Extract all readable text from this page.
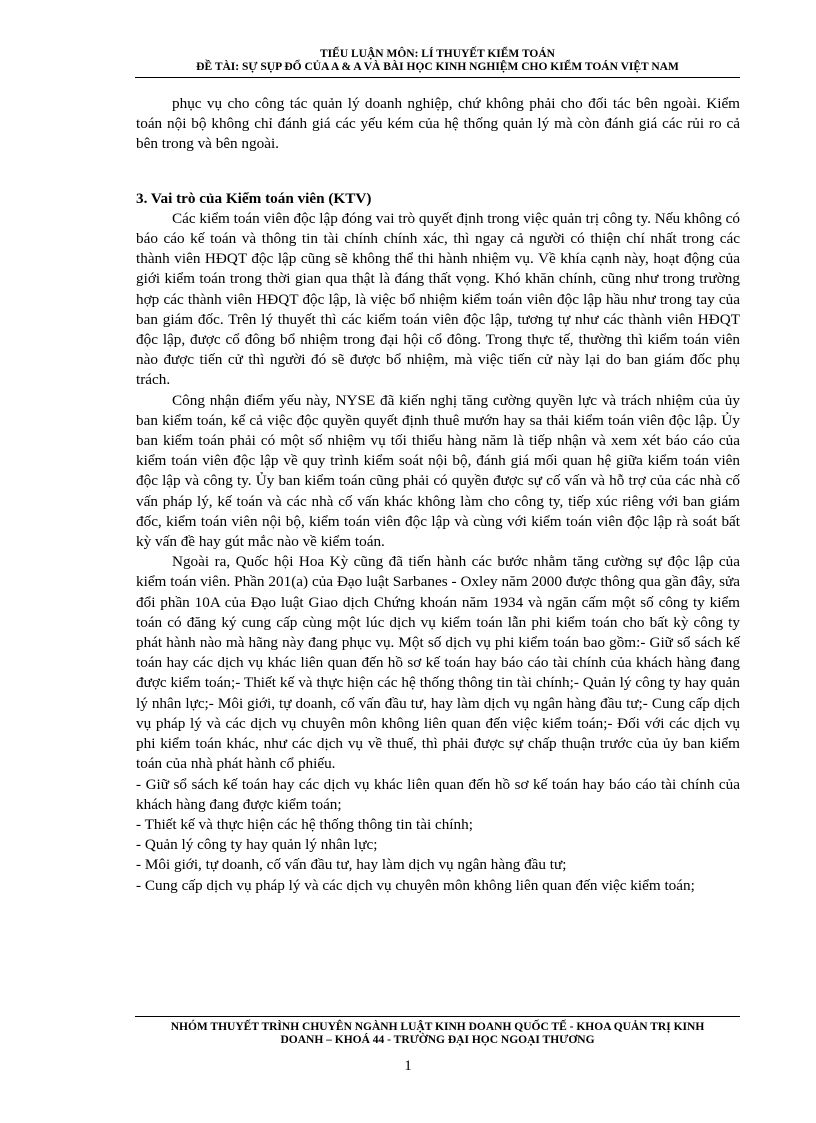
TIỂU LUẬN MÔN: LÍ THUYẾT KIỂM TOÁN
ĐỀ TÀI: SỰ SỤP ĐỔ CỦA A & A VÀ BÀI HỌC KINH NGHIỆM CHO KIỂM TOÁN VIỆT NAM

phục vụ cho công tác quản lý doanh nghiệp, chứ không phải cho đối tác bên ngoài. Kiểm toán nội bộ không chỉ đánh giá các yếu kém của hệ thống quản lý mà còn đánh giá các rủi ro cả bên trong và bên ngoài.

3. Vai trò của Kiểm toán viên (KTV)

Các kiểm toán viên độc lập đóng vai trò quyết định trong việc quản trị công ty. Nếu không có báo cáo kế toán và thông tin tài chính chính xác, thì ngay cả người có thiện chí nhất trong các thành viên HĐQT độc lập cũng sẽ không thể thi hành nhiệm vụ. Về khía cạnh này, hoạt động của giới kiểm toán trong thời gian qua thật là đáng thất vọng. Khó khăn chính, cũng như trong trường hợp các thành viên HĐQT độc lập, là việc bổ nhiệm kiểm toán viên độc lập hầu như trong tay của ban giám đốc. Trên lý thuyết thì các kiểm toán viên độc lập, tương tự như các thành viên HĐQT độc lập, được cổ đông bổ nhiệm trong đại hội cổ đông. Trong thực tế, thường thì kiểm toán viên nào được tiến cử thì người đó sẽ được bổ nhiệm, mà việc tiến cử này lại do ban giám đốc phụ trách.

Công nhận điểm yếu này, NYSE đã kiến nghị tăng cường quyền lực và trách nhiệm của ủy ban kiểm toán, kể cả việc độc quyền quyết định thuê mướn hay sa thải kiểm toán viên độc lập. Ủy ban kiểm toán phải có một số nhiệm vụ tối thiểu hàng năm là tiếp nhận và xem xét báo cáo của kiểm toán viên độc lập về quy trình kiểm soát nội bộ, đánh giá mối quan hệ giữa kiểm toán viên độc lập và công ty. Ủy ban kiểm toán cũng phải có quyền được sự cố vấn và hỗ trợ của các nhà cố vấn pháp lý, kế toán và các nhà cố vấn khác không làm cho công ty, tiếp xúc riêng với ban giám đốc, kiểm toán viên nội bộ, kiểm toán viên độc lập và cùng với kiểm toán viên độc lập rà soát bất kỳ vấn đề hay gút mắc nào về kiểm toán.

Ngoài ra, Quốc hội Hoa Kỳ cũng đã tiến hành các bước nhằm tăng cường sự độc lập của kiểm toán viên. Phần 201(a) của Đạo luật Sarbanes - Oxley năm 2000 được thông qua gần đây, sửa đổi phần 10A của Đạo luật Giao dịch Chứng khoán năm 1934 và ngăn cấm một số công ty kiểm toán có đăng ký cung cấp cùng một lúc dịch vụ kiểm toán lẫn phi kiểm toán cho bất kỳ công ty phát hành nào mà hãng này đang phục vụ. Một số dịch vụ phi kiểm toán bao gồm:- Giữ sổ sách kế toán hay các dịch vụ khác liên quan đến hồ sơ kế toán hay báo cáo tài chính của khách hàng đang được kiểm toán;- Thiết kế và thực hiện các hệ thống thông tin tài chính;- Quản lý công ty hay quản lý nhân lực;- Môi giới, tự doanh, cố vấn đầu tư, hay làm dịch vụ ngân hàng đầu tư;- Cung cấp dịch vụ pháp lý và các dịch vụ chuyên môn không liên quan đến việc kiểm toán;- Đối với các dịch vụ phi kiểm toán khác, như các dịch vụ về thuế, thì phải được sự chấp thuận trước của ủy ban kiểm toán của nhà phát hành cổ phiếu.

- Giữ sổ sách kế toán hay các dịch vụ khác liên quan đến hồ sơ kế toán hay báo cáo tài chính của khách hàng đang được kiểm toán;

- Thiết kế và thực hiện các hệ thống thông tin tài chính;

- Quản lý công ty hay quản lý nhân lực;

- Môi giới, tự doanh, cố vấn đầu tư, hay làm dịch vụ ngân hàng đầu tư;

- Cung cấp dịch vụ pháp lý và các dịch vụ chuyên môn không liên quan đến việc kiểm toán;

NHÓM THUYẾT TRÌNH CHUYÊN NGÀNH LUẬT KINH DOANH QUỐC TẾ - KHOA QUẢN TRỊ KINH
DOANH – KHOÁ 44 - TRƯỜNG ĐẠI HỌC NGOẠI THƯƠNG
1
